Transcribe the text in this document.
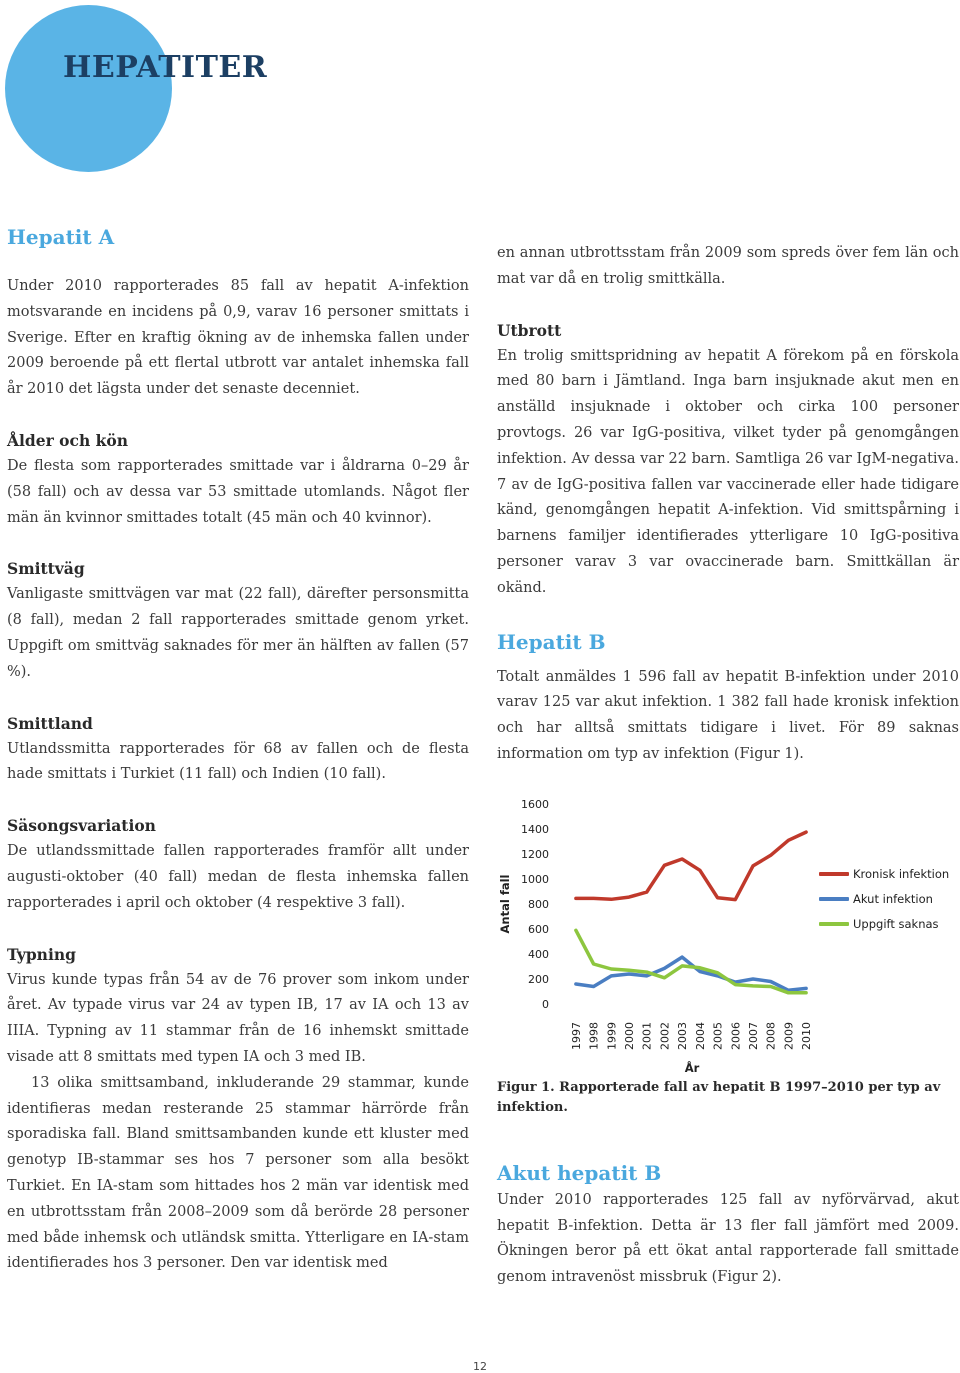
HEPATITER
Hepatit A

Under 2010 rapporterades 85 fall av hepatit A-infektion motsvarande en incidens på 0,9, varav 16 personer smittats i Sverige. Efter en kraftig ökning av de inhemska fallen under 2009 beroende på ett flertal utbrott var antalet inhemska fall år 2010 det lägsta under det senaste decenniet.

Ålder och kön

De flesta som rapporterades smittade var i åldrarna 0–29 år (58 fall) och av dessa var 53 smittade utomlands. Något fler män än kvinnor smittades totalt (45 män och 40 kvinnor).

Smittväg

Vanligaste smittvägen var mat (22 fall), därefter personsmitta (8 fall), medan 2 fall rapporterades smittade genom yrket. Uppgift om smittväg saknades för mer än hälften av fallen (57 %).

Smittland

Utlandssmitta rapporterades för 68 av fallen och de flesta hade smittats i Turkiet (11 fall) och Indien (10 fall).

Säsongsvariation

De utlandssmittade fallen rapporterades framför allt under augusti-oktober (40 fall) medan de flesta inhemska fallen rapporterades i april och oktober (4 respektive 3 fall).

Typning

Virus kunde typas från 54 av de 76 prover som inkom under året. Av typade virus var 24 av typen IB, 17 av IA och 13 av IIIA. Typning av 11 stammar från de 16 inhemskt smittade visade att 8 smittats med typen IA och 3 med IB.

13 olika smittsamband, inkluderande 29 stammar, kunde identifieras medan resterande 25 stammar härrörde från sporadiska fall. Bland smittsambanden kunde ett kluster med genotyp IB-stammar ses hos 7 personer som alla besökt Turkiet. En IA-stam som hittades hos 2 män var identisk med en utbrottsstam från 2008–2009 som då berörde 28 personer med både inhemsk och utländsk smitta. Ytterligare en IA-stam identifierades hos 3 personer. Den var identisk med

en annan utbrottsstam från 2009 som spreds över fem län och mat var då en trolig smittkälla.

Utbrott

En trolig smittspridning av hepatit A förekom på en förskola med 80 barn i Jämtland. Inga barn insjuknade akut men en anställd insjuknade i oktober och cirka 100 personer provtogs. 26 var IgG-positiva, vilket tyder på genomgången infektion. Av dessa var 22 barn. Samtliga 26 var IgM-negativa. 7 av de IgG-positiva fallen var vaccinerade eller hade tidigare känd, genomgången hepatit A-infektion. Vid smittspårning i barnens familjer identifierades ytterligare 10 IgG-positiva personer varav 3 var ovaccinerade barn. Smittkällan är okänd.

Hepatit B

Totalt anmäldes 1 596 fall av hepatit B-infektion under 2010 varav 125 var akut infektion. 1 382 fall hade kronisk infektion och har alltså smittats tidigare i livet. För 89 saknas information om typ av infektion (Figur 1).

Antal fall
0
200
400
600
800
1000
1200
1400
1600
1997 1998 1999 2000 2001 2002 2003 2004 2005 2006 2007 2008 2009 2010
År
Kronisk infektion
Akut infektion
Uppgift saknas

Figur 1. Rapporterade fall av hepatit B 1997–2010 per typ av infektion.

Akut hepatit B

Under 2010 rapporterades 125 fall av nyförvärvad, akut hepatit B-infektion. Detta är 13 fler fall jämfört med 2009. Ökningen beror på ett ökat antal rapporterade fall smittade genom intravenöst missbruk (Figur 2).

12
